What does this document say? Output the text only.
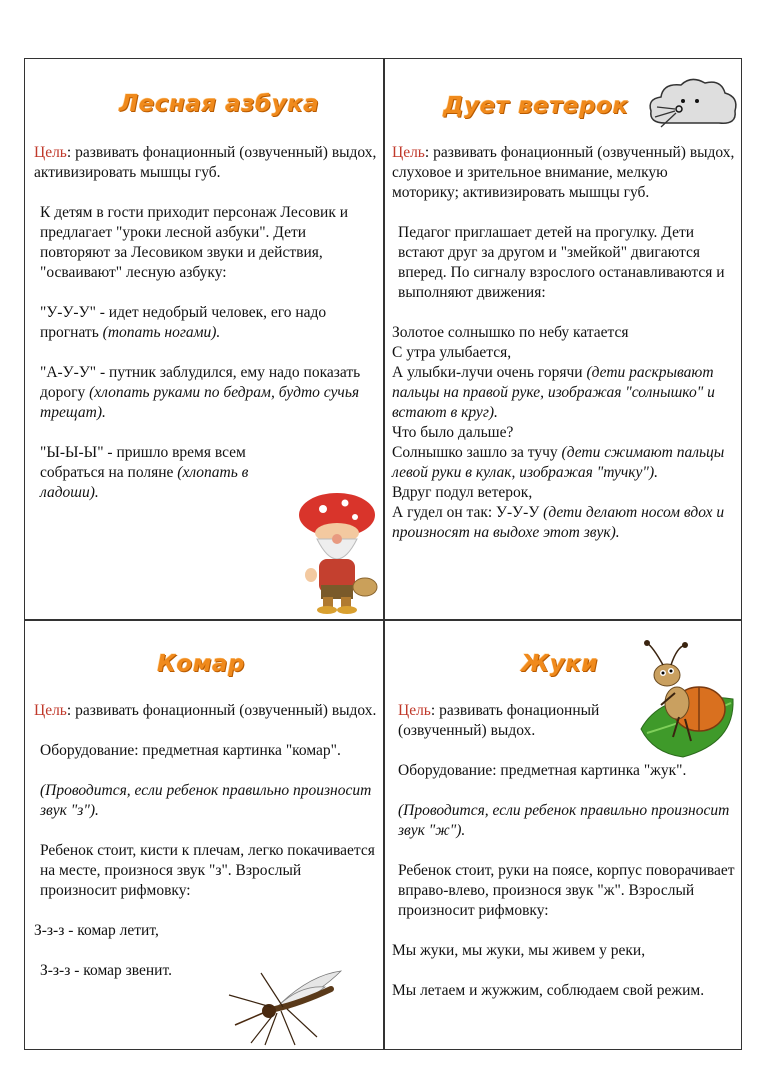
Лесная азбука

Цель: развивать фонационный (озвученный) выдох, активизировать мышцы губ.

К детям в гости приходит персонаж Лесовик и предлагает "уроки лесной азбуки". Дети повторяют за Лесовиком звуки и действия, "осваивают" лесную азбуку:

"У-У-У" - идет недобрый человек, его надо прогнать (топать ногами).

"А-У-У" - путник заблудился, ему надо показать дорогу (хлопать руками по бедрам, будто сучья трещат).

"Ы-Ы-Ы" - пришло время всем собраться на поляне (хлопать в ладоши).

Дует ветерок

Цель: развивать фонационный (озвученный) выдох, слуховое и зрительное внимание, мелкую моторику; активизировать мышцы губ.

Педагог приглашает детей на прогулку. Дети встают друг за другом и "змейкой" двигаются вперед. По сигналу взрослого останавливаются и выполняют движения:

Золотое солнышко по небу катается

С утра улыбается,

А улыбки-лучи очень горячи (дети раскрывают пальцы на правой руке, изображая "солнышко" и встают в круг).

Что было дальше?

Солнышко зашло за тучу (дети сжимают пальцы левой руки в кулак, изображая "тучку").

Вдруг подул ветерок,

А гудел он так: У-У-У (дети делают носом вдох и произносят на выдохе этот звук).

Комар

Цель: развивать фонационный (озвученный) выдох.

Оборудование: предметная картинка "комар".

(Проводится, если ребенок правильно произносит звук "з").

Ребенок стоит, кисти к плечам, легко покачивается на месте, произнося звук "з". Взрослый произносит рифмовку:

З-з-з - комар летит,

З-з-з - комар звенит.

Жуки

Цель: развивать фонационный (озвученный) выдох.

Оборудование: предметная картинка "жук".

(Проводится, если ребенок правильно произносит звук "ж").

Ребенок стоит, руки на поясе, корпус поворачивает вправо-влево, произнося звук "ж". Взрослый произносит рифмовку:

Мы жуки, мы жуки, мы живем у реки,

Мы летаем и жужжим, соблюдаем свой режим.
